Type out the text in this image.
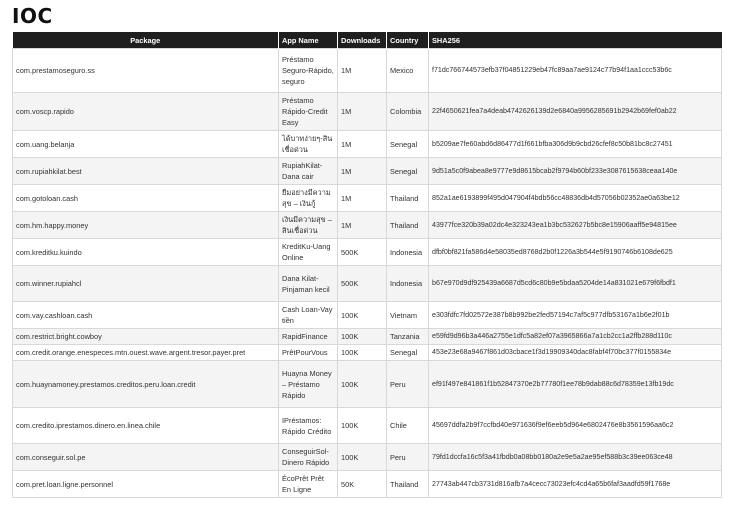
IOC
Package	App Name	Downloads	Country	SHA256
com.prestamoseguro.ss	Préstamo Seguro-Rápido, seguro	1M	Mexico	f71dc766744573efb37f04851229eb47fc89aa7ae9124c77b94f1aa1ccc53b6c
com.voscp.rapido	Préstamo Rápido-Credit Easy	1M	Colombia	22f4650621fea7a4deab4742626139d2e6840a9956285691b2942b69fef0ab22
com.uang.belanja	ได้บาทง่ายๆ-สินเชื่อด่วน	1M	Senegal	b5209ae7fe60abd6d86477d1f661bfba306d9b9cbd26cfef8c50b81bc8c27451
com.rupiahkilat.best	RupiahKilat-Dana cair	1M	Senegal	9d51a5c0f9abea8e9777e9d8615bcab2f9794b60bf233e3087615638ceaa140e
com.gotoloan.cash	ยืมอย่างมีความสุข – เงินกู้	1M	Thailand	852a1ae6193899f495d047904f4bdb56cc48836db4d57056b02352ae0a63be12
com.hm.happy.money	เงินมีความสุข – สินเชื่อด่วน	1M	Thailand	43977fce320b39a02dc4e323243ea1b3bc532627b5bc8e15906aaff5e94815ee
com.kreditku.kuindo	KreditKu-Uang Online	500K	Indonesia	dfbf0bf821fa586d4e58035ed8768d2b0f1226a3b544e5f9190746b6108de625
com.winner.rupiahcl	Dana Kilat-Pinjaman kecil	500K	Indonesia	b67e970d9df925439a6687d5cd6c80b9e5bdaa5204de14a831021e679f6fbdf1
com.vay.cashloan.cash	Cash Loan-Vay tiền	100K	Vietnam	e303fdfc7fd02572e387b8b992be2fed57194c7af5c977dfb53167a1b6e2f01b
com.restrict.bright.cowboy	RapidFinance	100K	Tanzania	e59fd9d96b3a446a2755e1dfc5a82ef07a3965866a7a1cb2cc1a2ffb288d110c
com.credit.orange.enespeces.mtn.ouest.wave.argent.tresor.payer.pret	PrêtPourVous	100K	Senegal	453e23e68a9467f861d03cbace1f3d19909340dac8fabf4f70bc377f0155834e
com.huaynamoney.prestamos.creditos.peru.loan.credit	Huayna Money – Préstamo Rápido	100K	Peru	ef91f497e841861f1b52847370e2b77780f1ee78b9dab88c6d78359e13fb19dc
com.credito.iprestamos.dinero.en.linea.chile	IPréstamos: Rápido Crédito	100K	Chile	45697ddfa2b9f7ccfbd40e971636f9ef6eeb5d964e6802476e8b3561596aa6c2
com.conseguir.sol.pe	ConseguirSol-Dinero Rápido	100K	Peru	79fd1dccfa16c5f3a41fbdb0a08bb0180a2e9e5a2ae95ef588b3c39ee063ce48
com.pret.loan.ligne.personnel	ÉcoPrêt Prêt En Ligne	50K	Thailand	27743ab447cb3731d816afb7a4cecc73023efc4cd4a65b6faf3aadfd59f1768e
